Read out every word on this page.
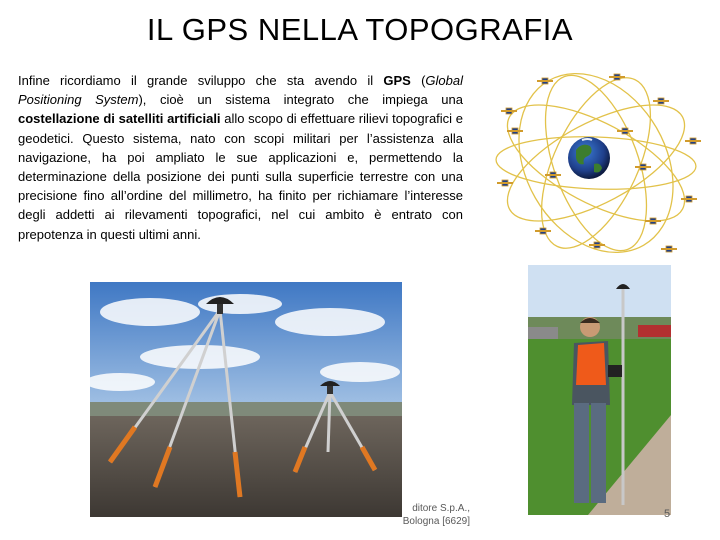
IL GPS NELLA TOPOGRAFIA
Infine ricordiamo il grande sviluppo che sta avendo il GPS (Global Positioning System), cioè un sistema integrato che impiega una costellazione di satelliti artificiali allo scopo di effettuare rilievi topografici e geodetici. Questo sistema, nato con scopi militari per l’assistenza alla navigazione, ha poi ampliato le sue applicazioni e, permettendo la determinazione della posizione dei punti sulla superficie terrestre con una precisione fino all’ordine del millimetro, ha finito per richiamare l’interesse degli addetti ai rilevamenti topografici, nel cui ambito è entrato con prepotenza in questi ultimi anni.
ditore S.p.A.,
Bologna [6629]
5
